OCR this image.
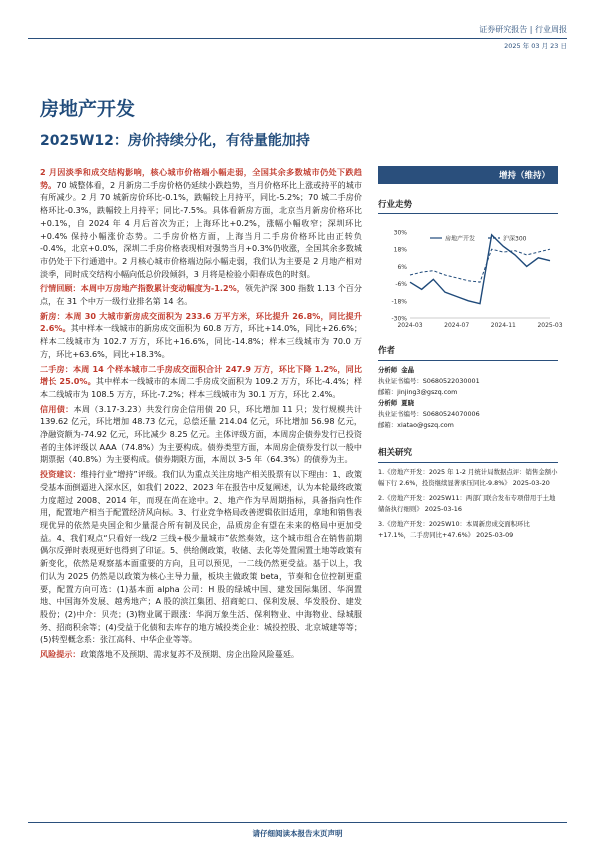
证券研究报告 | 行业周报
2025 年 03 月 23 日
房地产开发
2025W12：房价持续分化，有待量能加持

2 月因淡季和成交结构影响，核心城市价格端小幅走弱，全国其余多数城市仍处下跌趋势。70 城整体看，2 月新房二手房价格仍延续小跌趋势，当月价格环比上涨或持平的城市有所减少。2 月 70 城新房价环比-0.1%，跌幅较上月持平，同比-5.2%；70 城二手房价格环比-0.3%，跌幅较上月持平；同比-7.5%。具体看新房方面，北京当月新房价格环比+0.1%，自 2024 年 4 月后首次为正；上海环比+0.2%，涨幅小幅收窄；深圳环比+0.4% 保持小幅涨价态势。二手房价格方面，上海当月二手房价格环比由正转负 -0.4%，北京+0.0%，深圳二手房价格表现相对强势当月+0.3%仍收涨，全国其余多数城市仍处于下行通道中。2 月核心城市价格端边际小幅走弱，我们认为主要是 2 月地产相对淡季，同时成交结构小幅向低总价段倾斜，3 月将是检验小阳春成色的时刻。

行情回顾：本周中万房地产指数累计变动幅度为-1.2%，领先沪深 300 指数 1.13 个百分点，在 31 个中万一级行业排名第 14 名。

新房：本周 30 大城市新房成交面积为 233.6 万平方米，环比提升 26.8%，同比提升 2.6%。其中样本一线城市的新房成交面积为 60.8 万方，环比+14.0%，同比+26.6%；样本二线城市为 102.7 万方，环比+16.6%，同比-14.8%；样本三线城市为 70.0 万方，环比+63.6%，同比+18.3%。

二手房：本周 14 个样本城市二手房成交面积合计 247.9 万方，环比下降 1.2%，同比增长 25.0%。其中样本一线城市的本周二手房成交面积为 109.2 万方，环比-4.4%；样本二线城市为 108.5 万方，环比-7.2%；样本三线城市为 30.1 万方，环比 2.4%。

信用债：本周（3.17-3.23）共发行房企信用债 20 只，环比增加 11 只；发行规模共计 139.62 亿元，环比增加 48.73 亿元，总偿还量 214.04 亿元，环比增加 56.98 亿元，净融资额为-74.92 亿元，环比减少 8.25 亿元。主体评级方面，本周房企债券发行已投资者的主体评级以 AAA（74.8%）为主要构成。债券类型方面，本周房企债券发行以一般中期票据（40.8%）为主要构成。债券期限方面，本周以 3-5 年（64.3%）的债券为主。

投资建议：维持行业“增持”评级。我们认为重点关注房地产相关股票有以下理由：1、政策受基本面倒逼进入深水区，如我们 2022、2023 年在报告中反复阐述，认为本轮最终政策力度超过 2008、2014 年，而现在尚在途中。2、地产作为早周期指标，具备指向性作用，配置地产相当于配置经济风向标。3、行业竞争格局改善逻辑依旧适用，拿地和销售表现优异的依然是央国企和少量混合所有制及民企，品质房企有望在未来的格局中更加受益。4、我们观点“只看好一线/2 三线+极少量城市”依然奏效，这个城市组合在销售前期偶尔反弹时表现更好也得到了印证。5、供给侧政策，收储、去化等处置闲置土地等政策有新变化，依然是观察基本面重要的方向，且可以预见，一二线仍然更受益。基于以上，我们认为 2025 仍然是以政策为核心主导力量，板块主做政策 beta，节奏和仓位控制更重要，配置方向可选：(1)基本面 alpha 公司：H 股的绿城中国、建发国际集团、华润置地、中国海外发展、越秀地产；A 股的滨江集团、招商蛇口、保利发展、华发股份、建发股份；(2)中介：贝壳；(3)物业属于跟涨：华润万象生活、保利物业、中海物业、绿城服务、招商积余等；(4)受益于化债和去库存的地方城投类企业：城投控股、北京城建等等；(5)转型概念系：张江高科、中华企业等等。

风险提示：政策落地不及预期、需求复苏不及预期、房企出险风险蔓延。

增持（维持）
行业走势
30%
18%
6%
-6%
-18%
-30%
2024-03	2024-07	2024-11	2025-03
房地产开发	沪深300
作者
分析师 金晶
执业证书编号：S0680522030001
邮箱：jinjing3@gszq.com
分析师 夏晓
执业证书编号：S0680524070006
邮箱：xiatao@gszq.com
相关研究
1.《房地产开发：2025 年 1-2 月统计局数据点评：销售金额小幅下行 2.6%，投资继续显著承压同比-9.8%》 2025-03-20
2.《房地产开发：2025W11：两部门联合发布专项借用于土地储备执行细则》 2025-03-16
3.《房地产开发：2025W10：本周新房成交面积环比+17.1%，二手房同比+47.6%》 2025-03-09
请仔细阅读本报告末页声明
